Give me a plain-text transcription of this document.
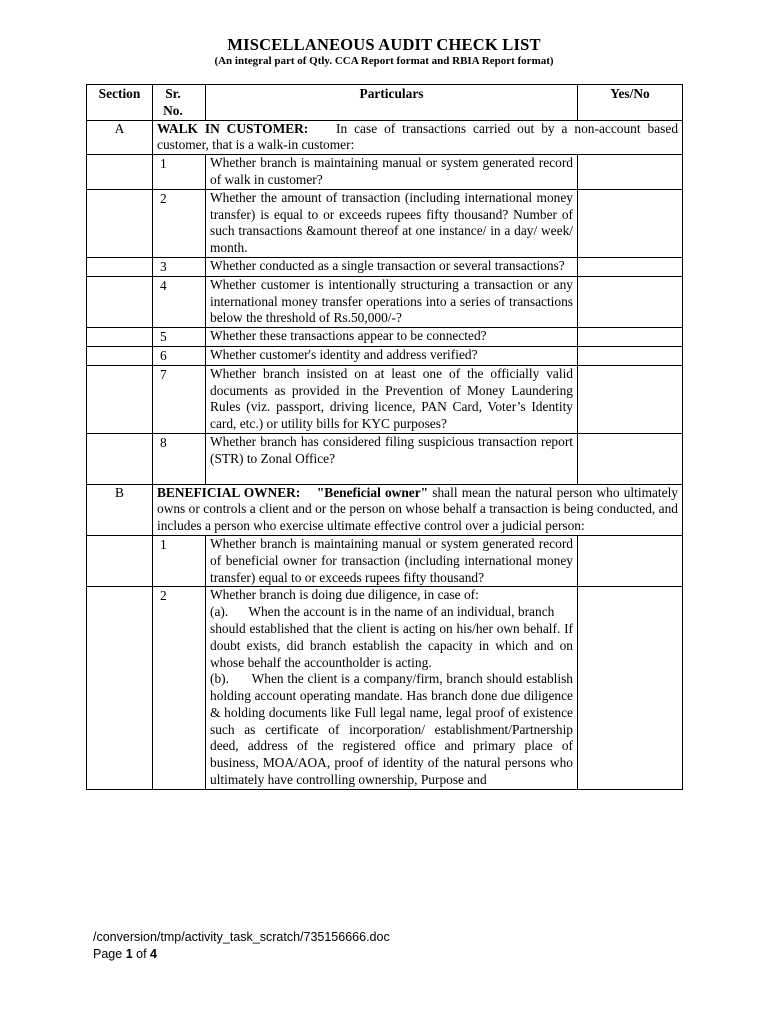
MISCELLANEOUS AUDIT CHECK LIST
(An integral part of Qtly. CCA Report format and RBIA Report format)
Section	Sr. No.	Particulars	Yes/No
A	WALK IN CUSTOMER: In case of transactions carried out by a non-account based customer, that is a walk-in customer:		
	1	Whether branch is maintaining manual or system generated record of walk in customer?	
	2	Whether the amount of transaction (including international money transfer) is equal to or exceeds rupees fifty thousand? Number of such transactions &amount thereof at one instance/ in a day/ week/ month.	
	3	Whether conducted as a single transaction or several transactions?	
	4	Whether customer is intentionally structuring a transaction or any international money transfer operations into a series of transactions below the threshold of Rs.50,000/-?	
	5	Whether these transactions appear to be connected?	
	6	Whether customer's identity and address verified?	
	7	Whether branch insisted on at least one of the officially valid documents as provided in the Prevention of Money Laundering Rules (viz. passport, driving licence, PAN Card, Voter’s Identity card, etc.) or utility bills for KYC purposes?	
	8	Whether branch has considered filing suspicious transaction report (STR) to Zonal Office?

B	BENEFICIAL OWNER: "Beneficial owner" shall mean the natural person who ultimately owns or controls a client and or the person on whose behalf a transaction is being conducted, and includes a person who exercise ultimate effective control over a judicial person:		
	1	Whether branch is maintaining manual or system generated record of beneficial owner for transaction (including international money transfer) equal to or exceeds rupees fifty thousand?	
	2	Whether branch is doing due diligence, in case of:
(a). When the account is in the name of an individual, branch
should established that the client is acting on his/her own behalf. If doubt exists, did branch establish the capacity in which and on whose behalf the accountholder is acting.
(b). When the client is a company/firm, branch should establish holding account operating mandate. Has branch done due diligence & holding documents like Full legal name, legal proof of existence such as certificate of incorporation/ establishment/Partnership deed, address of the registered office and primary place of business, MOA/AOA, proof of identity of the natural persons who ultimately have controlling ownership, Purpose and	

/conversion/tmp/activity_task_scratch/735156666.doc
Page 1 of 4
